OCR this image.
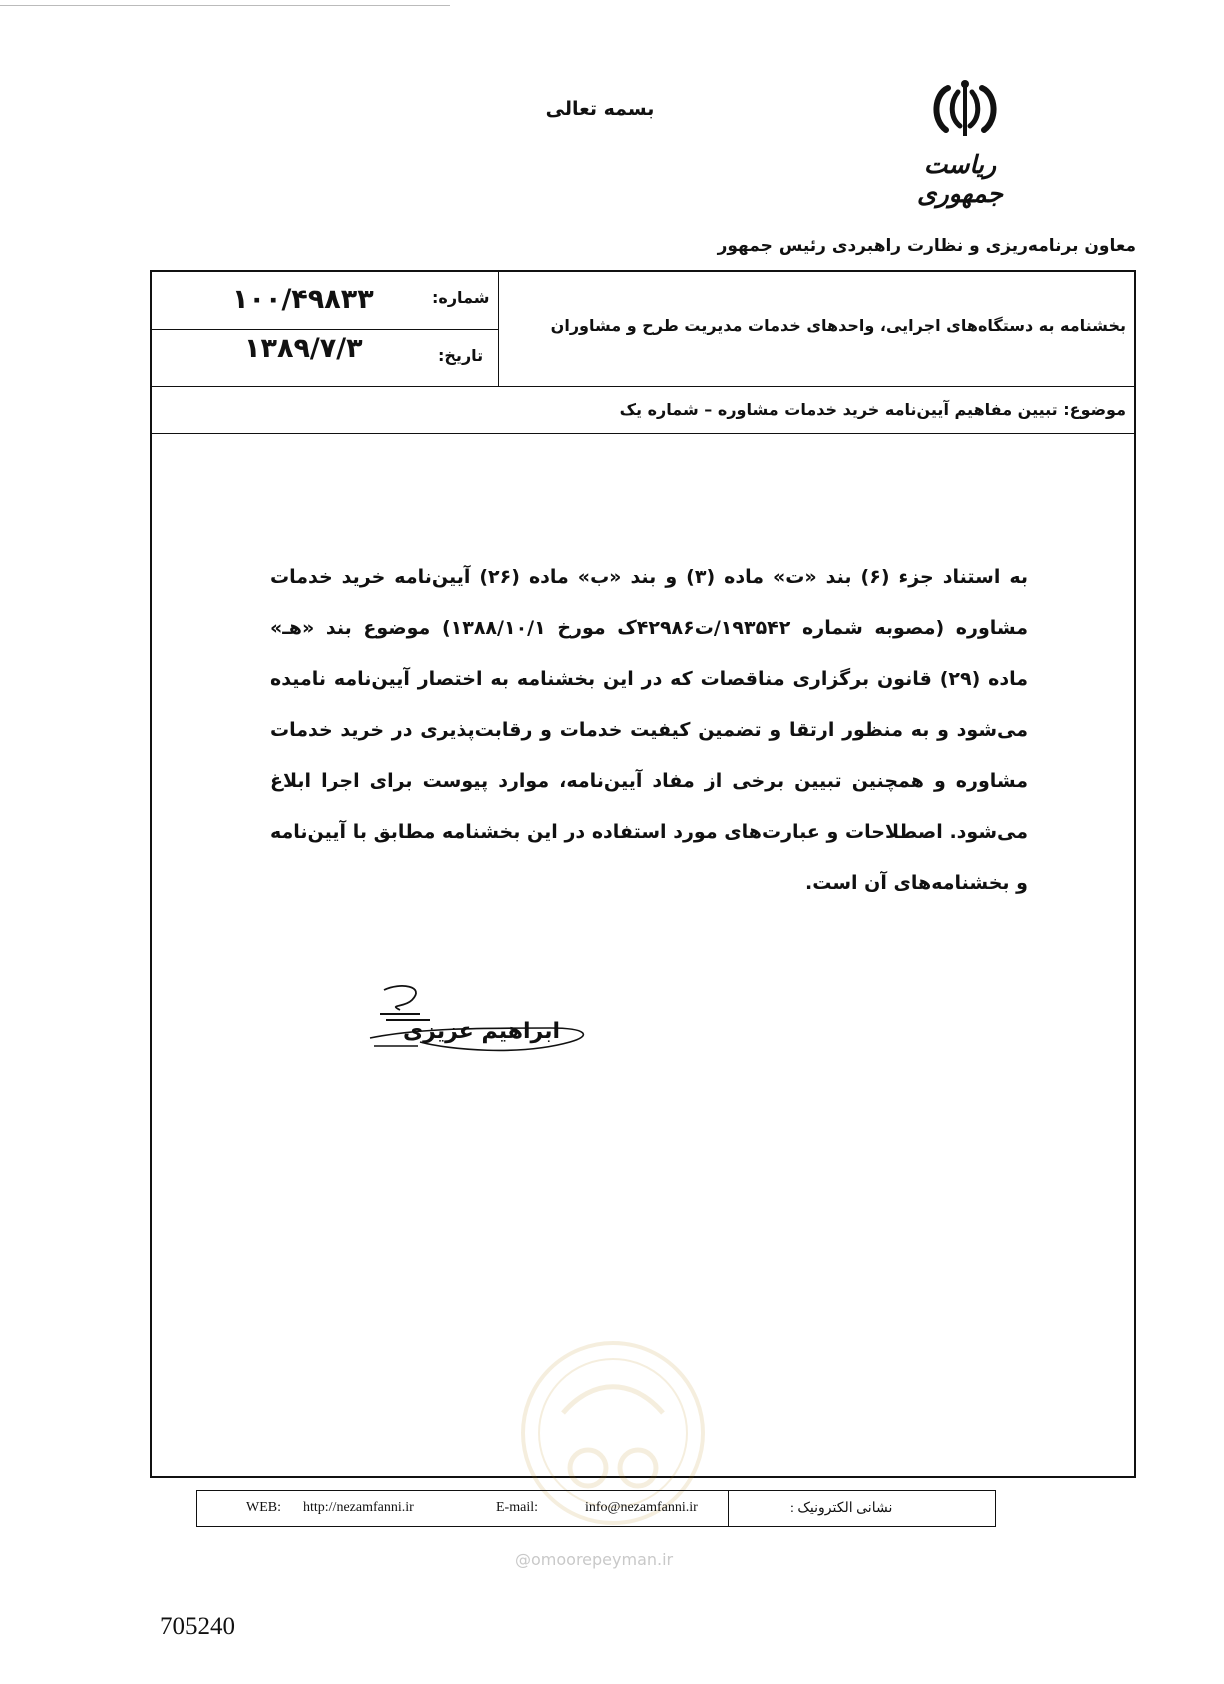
بسمه تعالی
ریاست جمهوری
معاون برنامه‌ریزی و نظارت راهبردی رئیس جمهور
شماره:
۱۰۰/۴۹۸۳۳
تاریخ:
۱۳۸۹/۷/۳
بخشنامه به دستگاه‌های اجرایی، واحدهای خدمات مدیریت طرح و مشاوران
موضوع: تبیین مفاهیم آیین‌نامه خرید خدمات مشاوره – شماره یک
به استناد جزء (۶) بند «ت» ماده (۳) و بند «ب» ماده (۲۶) آیین‌نامه خرید خدمات مشاوره (مصوبه شماره ۱۹۳۵۴۲/ت۴۲۹۸۶ک مورخ ۱۳۸۸/۱۰/۱) موضوع بند «هـ» ماده (۲۹) قانون برگزاری مناقصات که در این بخشنامه به اختصار آیین‌نامه نامیده می‌شود و به منظور ارتقا و تضمین کیفیت خدمات و رقابت‌پذیری در خرید خدمات مشاوره و همچنین تبیین برخی از مفاد آیین‌نامه، موارد پیوست برای اجرا ابلاغ می‌شود. اصطلاحات و عبارت‌های مورد استفاده در این بخشنامه مطابق با آیین‌نامه و بخشنامه‌های آن است.
ابراهیم عزیزی
نشانی الکترونیک :
E-mail:	info@nezamfanni.ir
WEB: http://nezamfanni.ir
@omoorepeyman.ir
705240
